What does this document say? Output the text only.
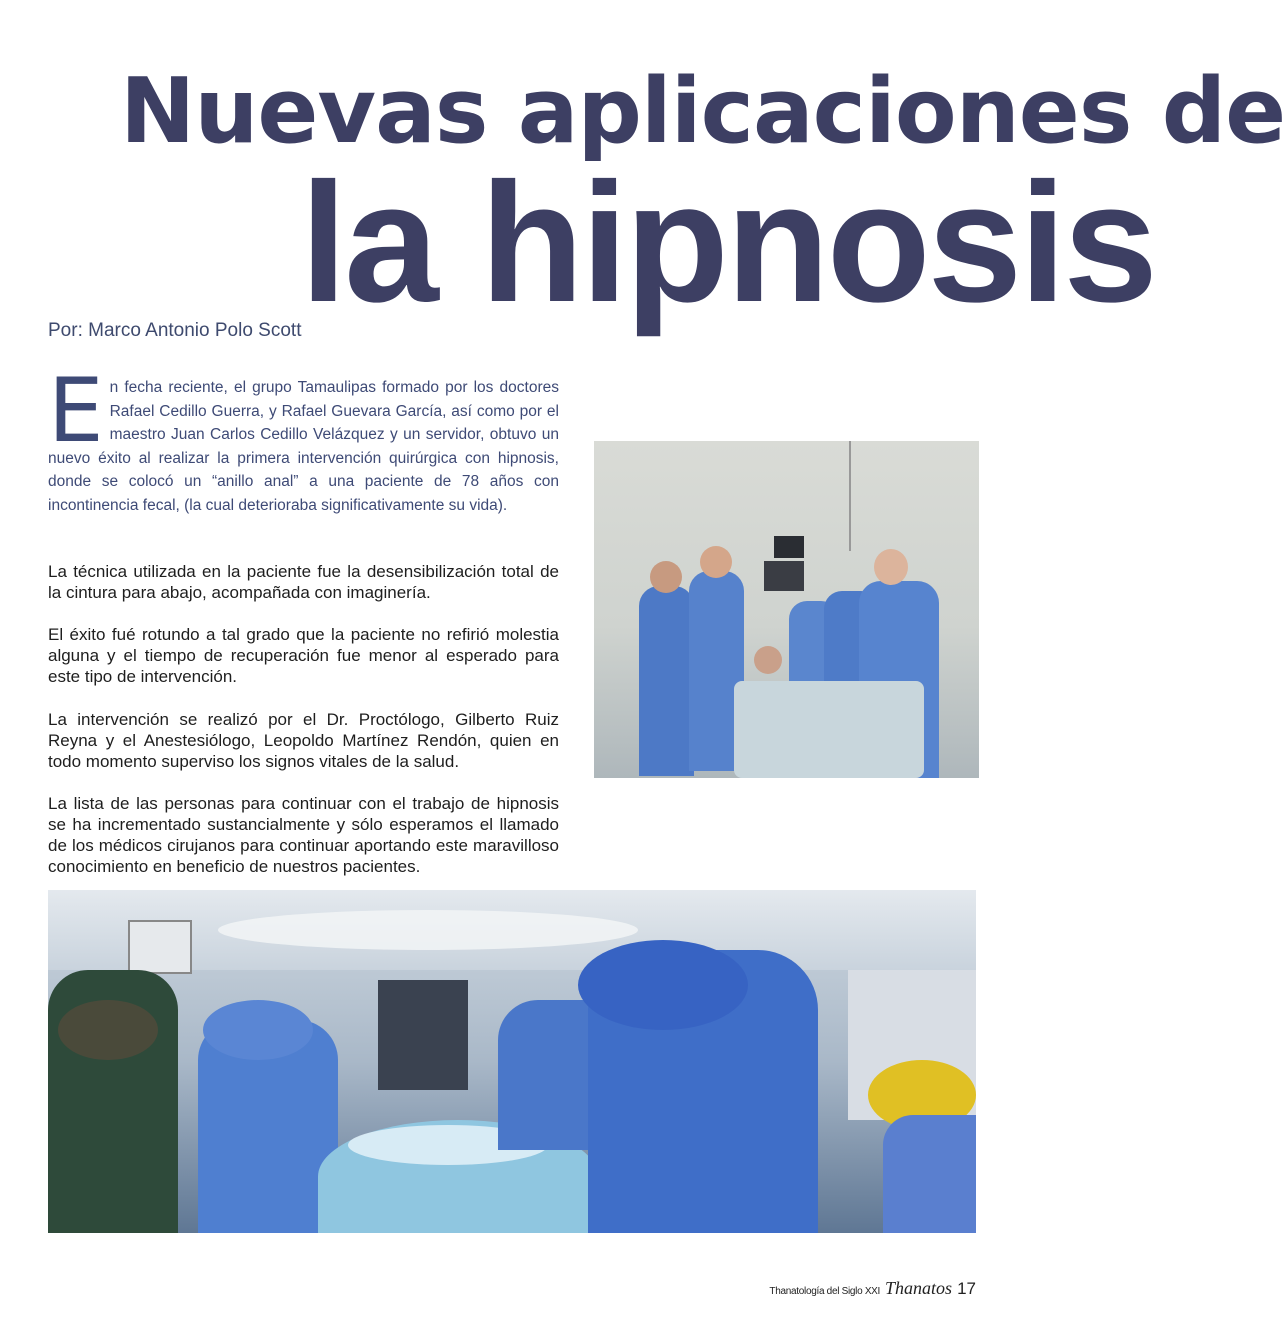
Nuevas aplicaciones de
la hipnosis
Por: Marco Antonio Polo Scott
E n fecha reciente, el grupo Tamaulipas formado por los doctores Rafael Cedillo Guerra, y Rafael Guevara García, así como por el maestro Juan Carlos Cedillo Velázquez y un servidor, obtuvo un nuevo éxito al realizar la primera intervención quirúrgica con hipnosis, donde se colocó un “anillo anal” a una paciente de 78 años con incontinencia fecal, (la cual deterioraba significativamente su vida).

La técnica utilizada en la paciente fue la desensibilización total de la cintura para abajo, acompañada con imaginería.

El éxito fué rotundo a tal grado que la paciente no refirió molestia alguna y el tiempo de recuperación fue menor al esperado para este tipo de intervención.

La intervención se realizó por el Dr. Proctólogo, Gilberto Ruiz Reyna y el Anestesiólogo, Leopoldo Martínez Rendón, quien en todo momento superviso los signos vitales de la salud.

La lista de las personas para continuar con el trabajo de hipnosis se ha incrementado sustancialmente y sólo esperamos el llamado de los médicos cirujanos para continuar aportando este maravilloso conocimiento en beneficio de nuestros pacientes.

Thanatología del Siglo XXI Thanatos 17
